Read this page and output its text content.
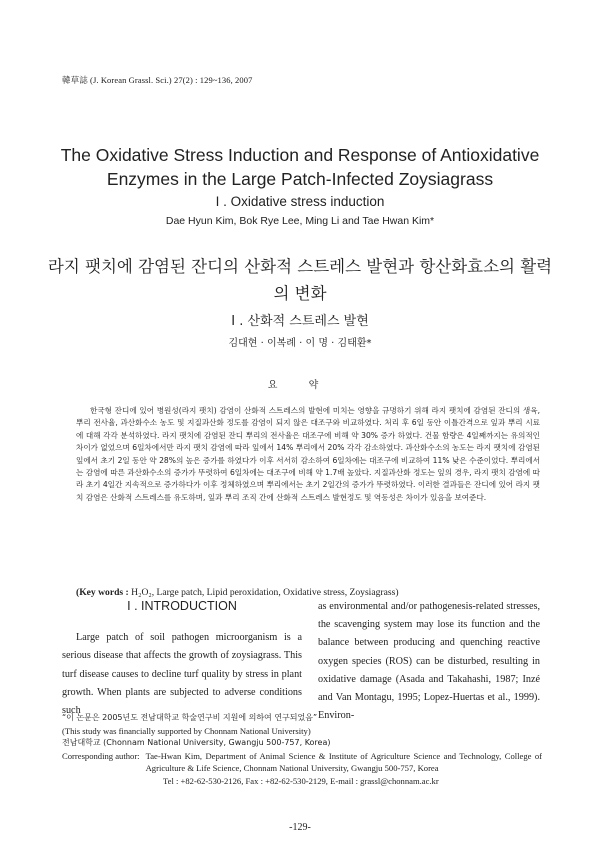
韓草誌 (J. Korean Grassl. Sci.) 27(2) : 129~136, 2007
The Oxidative Stress Induction and Response of Antioxidative Enzymes in the Large Patch-Infected Zoysiagrass
I . Oxidative stress induction
Dae Hyun Kim, Bok Rye Lee, Ming Li and Tae Hwan Kim*
라지 팻치에 감염된 잔디의 산화적 스트레스 발현과 항산화효소의 활력의 변화
I . 산화적 스트레스 발현
김대현 · 이복례 · 이 명 · 김태환*
요 약

한국형 잔디에 있어 병원성(라지 팻치) 감염이 산화적 스트레스의 발현에 미치는 영향을 규명하기 위해 라지 팻치에 감염된 잔디의 생육, 뿌리 전사율, 과산화수소 농도 및 지질과산화 정도를 감염이 되지 않은 대조구와 비교하였다. 처리 후 6일 동안 이틀간격으로 잎과 뿌리 시료에 대해 각각 분석하였다. 라지 팻치에 감염된 잔디 뿌리의 전사율은 대조구에 비해 약 30% 증가 하였다. 건물 함량은 4일째까지는 유의적인 차이가 없었으며 6일차에서만 라지 팻치 감염에 따라 잎에서 14% 뿌리에서 20% 각각 감소하였다. 과산화수소의 농도는 라지 팻치에 감염된 잎에서 초기 2일 동안 약 28%의 높은 증가를 하였다가 이후 서서히 감소하여 6일차에는 대조구에 비교하여 11% 낮은 수준이었다. 뿌리에서는 감염에 따른 과산화수소의 증가가 뚜렷하여 6일차에는 대조구에 비해 약 1.7배 높았다. 지질과산화 정도는 잎의 경우, 라지 팻치 감염에 따라 초기 4일간 지속적으로 증가하다가 이후 정체하였으며 뿌리에서는 초기 2일간의 증가가 뚜렷하였다. 이러한 결과들은 잔디에 있어 라지 팻치 감염은 산화적 스트레스를 유도하며, 잎과 뿌리 조직 간에 산화적 스트레스 발현정도 및 역동성은 차이가 있음을 보여준다.

(Key words : H₂O₂, Large patch, Lipid peroxidation, Oxidative stress, Zoysiagrass)
I . INTRODUCTION

Large patch of soil pathogen microorganism is a serious disease that affects the growth of zoysiagrass. This turf disease causes to decline turf quality by stress in plant growth. When plants are subjected to adverse conditions such

as environmental and/or pathogenesis-related stresses, the scavenging system may lose its function and the balance between producing and quenching reactive oxygen species (ROS) can be disturbed, resulting in oxidative damage (Asada and Takahashi, 1987; Inzé and Van Montagu, 1995; Lopez-Huertas et al., 1999). Environ-

“이 논문은 2005년도 전남대학교 학술연구비 지원에 의하여 연구되었음”
(This study was financially supported by Chonnam National University)
전남대학교 (Chonnam National University, Gwangju 500-757, Korea)
Corresponding author: Tae-Hwan Kim, Department of Animal Science & Institute of Agriculture Science and Technology, College of Agriculture & Life Science, Chonnam National University, Gwangju 500-757, Korea
Tel : +82-62-530-2126, Fax : +82-62-530-2129, E-mail : grassl@chonnam.ac.kr
-129-
